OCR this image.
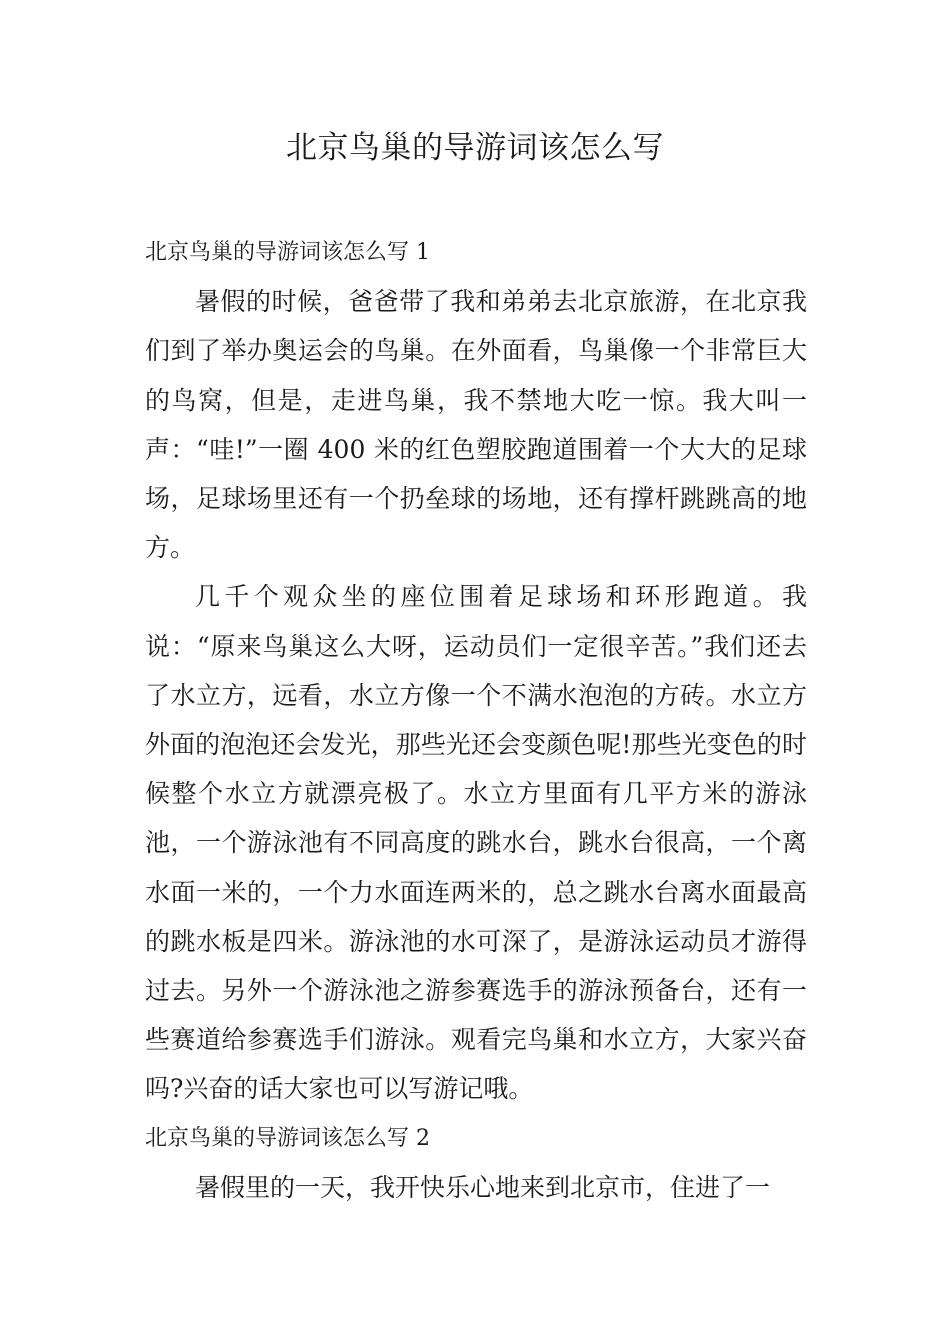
北京鸟巢的导游词该怎么写
北京鸟巢的导游词该怎么写 1

暑假的时候，爸爸带了我和弟弟去北京旅游，在北京我们到了举办奥运会的鸟巢。在外面看，鸟巢像一个非常巨大的鸟窝，但是，走进鸟巢，我不禁地大吃一惊。我大叫一声：“哇!”一圈 400 米的红色塑胶跑道围着一个大大的足球场，足球场里还有一个扔垒球的场地，还有撑杆跳跳高的地方。

几千个观众坐的座位围着足球场和环形跑道。我说：“原来鸟巢这么大呀，运动员们一定很辛苦。”我们还去了水立方，远看，水立方像一个不满水泡泡的方砖。水立方外面的泡泡还会发光，那些光还会变颜色呢!那些光变色的时候整个水立方就漂亮极了。水立方里面有几平方米的游泳池，一个游泳池有不同高度的跳水台，跳水台很高，一个离水面一米的，一个力水面连两米的，总之跳水台离水面最高的跳水板是四米。游泳池的水可深了，是游泳运动员才游得过去。另外一个游泳池之游参赛选手的游泳预备台，还有一些赛道给参赛选手们游泳。观看完鸟巢和水立方，大家兴奋吗?兴奋的话大家也可以写游记哦。

北京鸟巢的导游词该怎么写 2

暑假里的一天，我开快乐心地来到北京市，住进了一
